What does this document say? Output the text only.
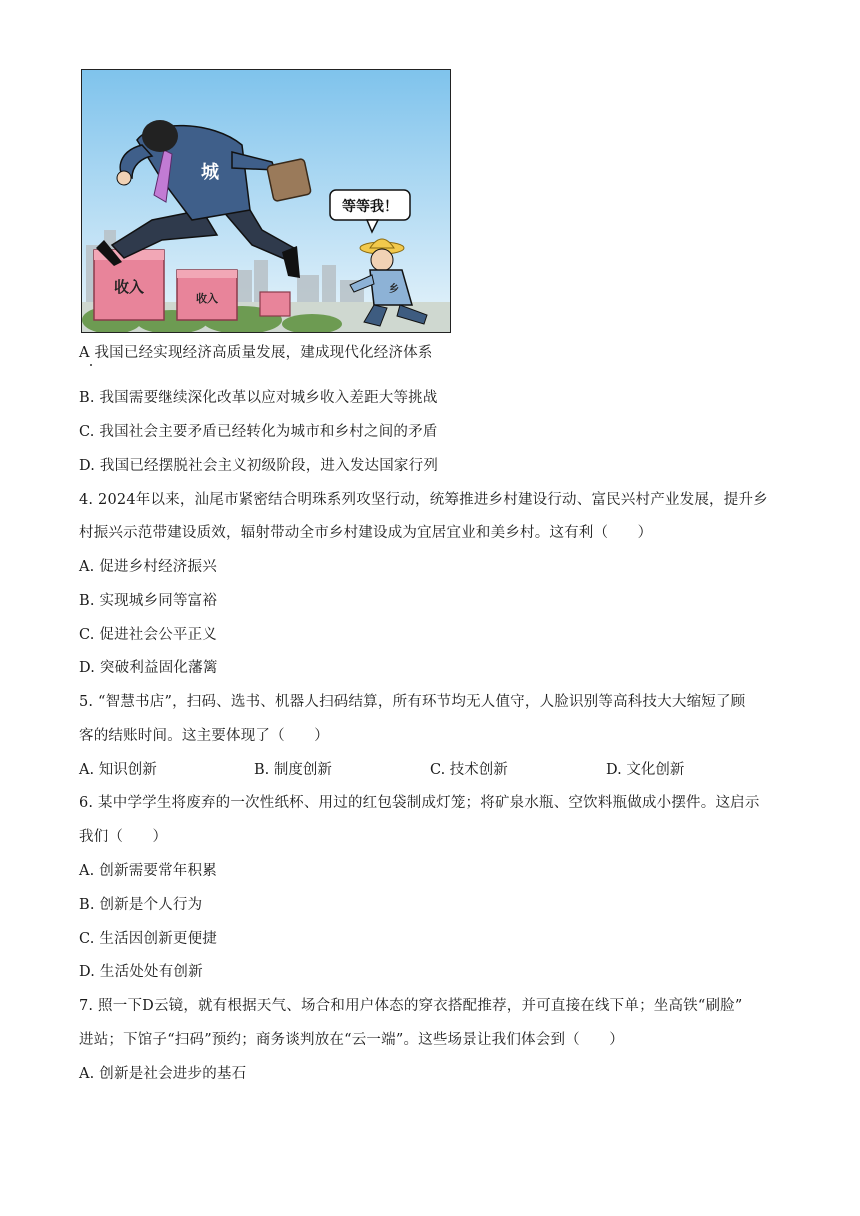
收入
收入
城
等等我！
乡
A 我国已经实现经济高质量发展，建成现代化经济体系
B. 我国需要继续深化改革以应对城乡收入差距大等挑战
C. 我国社会主要矛盾已经转化为城市和乡村之间的矛盾
D. 我国已经摆脱社会主义初级阶段，进入发达国家行列
4. 2024年以来，汕尾市紧密结合明珠系列攻坚行动，统筹推进乡村建设行动、富民兴村产业发展，提升乡
村振兴示范带建设质效，辐射带动全市乡村建设成为宜居宜业和美乡村。这有利（　　）
A. 促进乡村经济振兴
B. 实现城乡同等富裕
C. 促进社会公平正义
D. 突破利益固化藩篱
5. “智慧书店”，扫码、选书、机器人扫码结算，所有环节均无人值守，人脸识别等高科技大大缩短了顾
客的结账时间。这主要体现了（　　）
A. 知识创新	B. 制度创新	C. 技术创新	D. 文化创新
6. 某中学学生将废弃的一次性纸杯、用过的红包袋制成灯笼；将矿泉水瓶、空饮料瓶做成小摆件。这启示
我们（　　）
A. 创新需要常年积累
B. 创新是个人行为
C. 生活因创新更便捷
D. 生活处处有创新
7. 照一下D云镜，就有根据天气、场合和用户体态的穿衣搭配推荐，并可直接在线下单；坐高铁“刷脸”
进站；下馆子“扫码”预约；商务谈判放在“云一端”。这些场景让我们体会到（　　）
A. 创新是社会进步的基石
